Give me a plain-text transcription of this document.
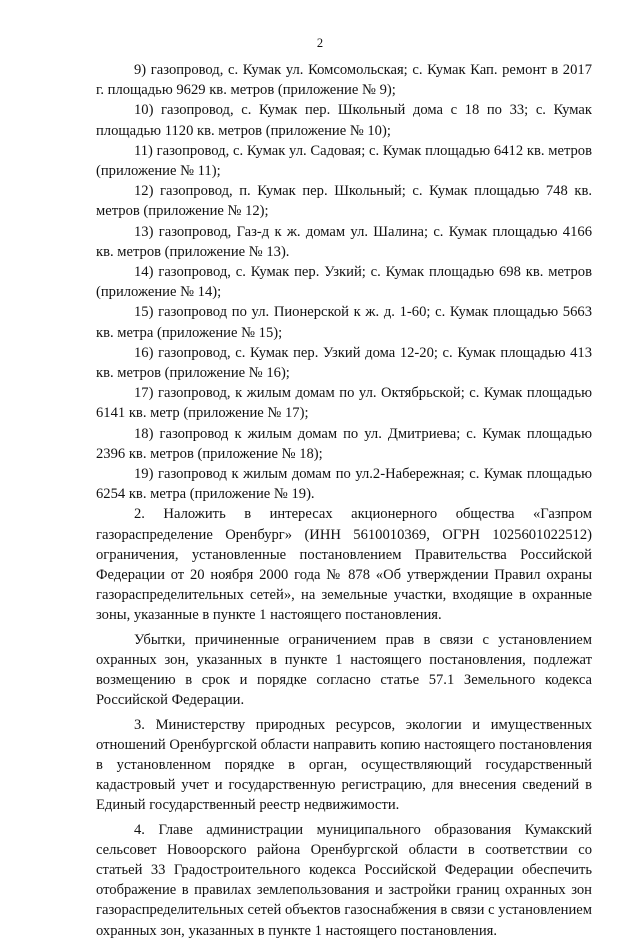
2

9) газопровод, с. Кумак ул. Комсомольская; с. Кумак Кап. ремонт в 2017 г. площадью 9629 кв. метров (приложение № 9);

10) газопровод, с. Кумак пер. Школьный дома с 18 по 33; с. Кумак площадью 1120 кв. метров (приложение № 10);

11) газопровод, с. Кумак ул. Садовая; с. Кумак площадью 6412 кв. метров (приложение № 11);

12) газопровод, п. Кумак пер. Школьный; с. Кумак площадью 748 кв. метров (приложение № 12);

13) газопровод, Газ-д к ж. домам ул. Шалина; с. Кумак площадью 4166 кв. метров (приложение № 13).

14) газопровод, с. Кумак пер. Узкий; с. Кумак площадью 698 кв. метров (приложение № 14);

15) газопровод по ул. Пионерской к ж. д. 1-60; с. Кумак площадью 5663 кв. метра (приложение № 15);

16) газопровод, с. Кумак пер. Узкий дома 12-20; с. Кумак площадью 413 кв. метров (приложение № 16);

17) газопровод, к жилым домам по ул. Октябрьской; с. Кумак площадью 6141 кв. метр (приложение № 17);

18) газопровод к жилым домам по ул. Дмитриева; с. Кумак площадью 2396 кв. метров (приложение № 18);

19) газопровод к жилым домам по ул.2-Набережная; с. Кумак площадью 6254 кв. метра (приложение № 19).

2. Наложить в интересах акционерного общества «Газпром газораспределение Оренбург» (ИНН 5610010369, ОГРН 1025601022512) ограничения, установленные постановлением Правительства Российской Федерации от 20 ноября 2000 года № 878 «Об утверждении Правил охраны газораспределительных сетей», на земельные участки, входящие в охранные зоны, указанные в пункте 1 настоящего постановления.

Убытки, причиненные ограничением прав в связи с установлением охранных зон, указанных в пункте 1 настоящего постановления, подлежат возмещению в срок и порядке согласно статье 57.1 Земельного кодекса Российской Федерации.

3. Министерству природных ресурсов, экологии и имущественных отношений Оренбургской области направить копию настоящего постановления в установленном порядке в орган, осуществляющий государственный кадастровый учет и государственную регистрацию, для внесения сведений в Единый государственный реестр недвижимости.

4. Главе администрации муниципального образования Кумакский сельсовет Новоорского района Оренбургской области в соответствии со статьей 33 Градостроительного кодекса Российской Федерации обеспечить отображение в правилах землепользования и застройки границ охранных зон газораспределительных сетей объектов газоснабжения в связи с установлением охранных зон, указанных в пункте 1 настоящего постановления.
